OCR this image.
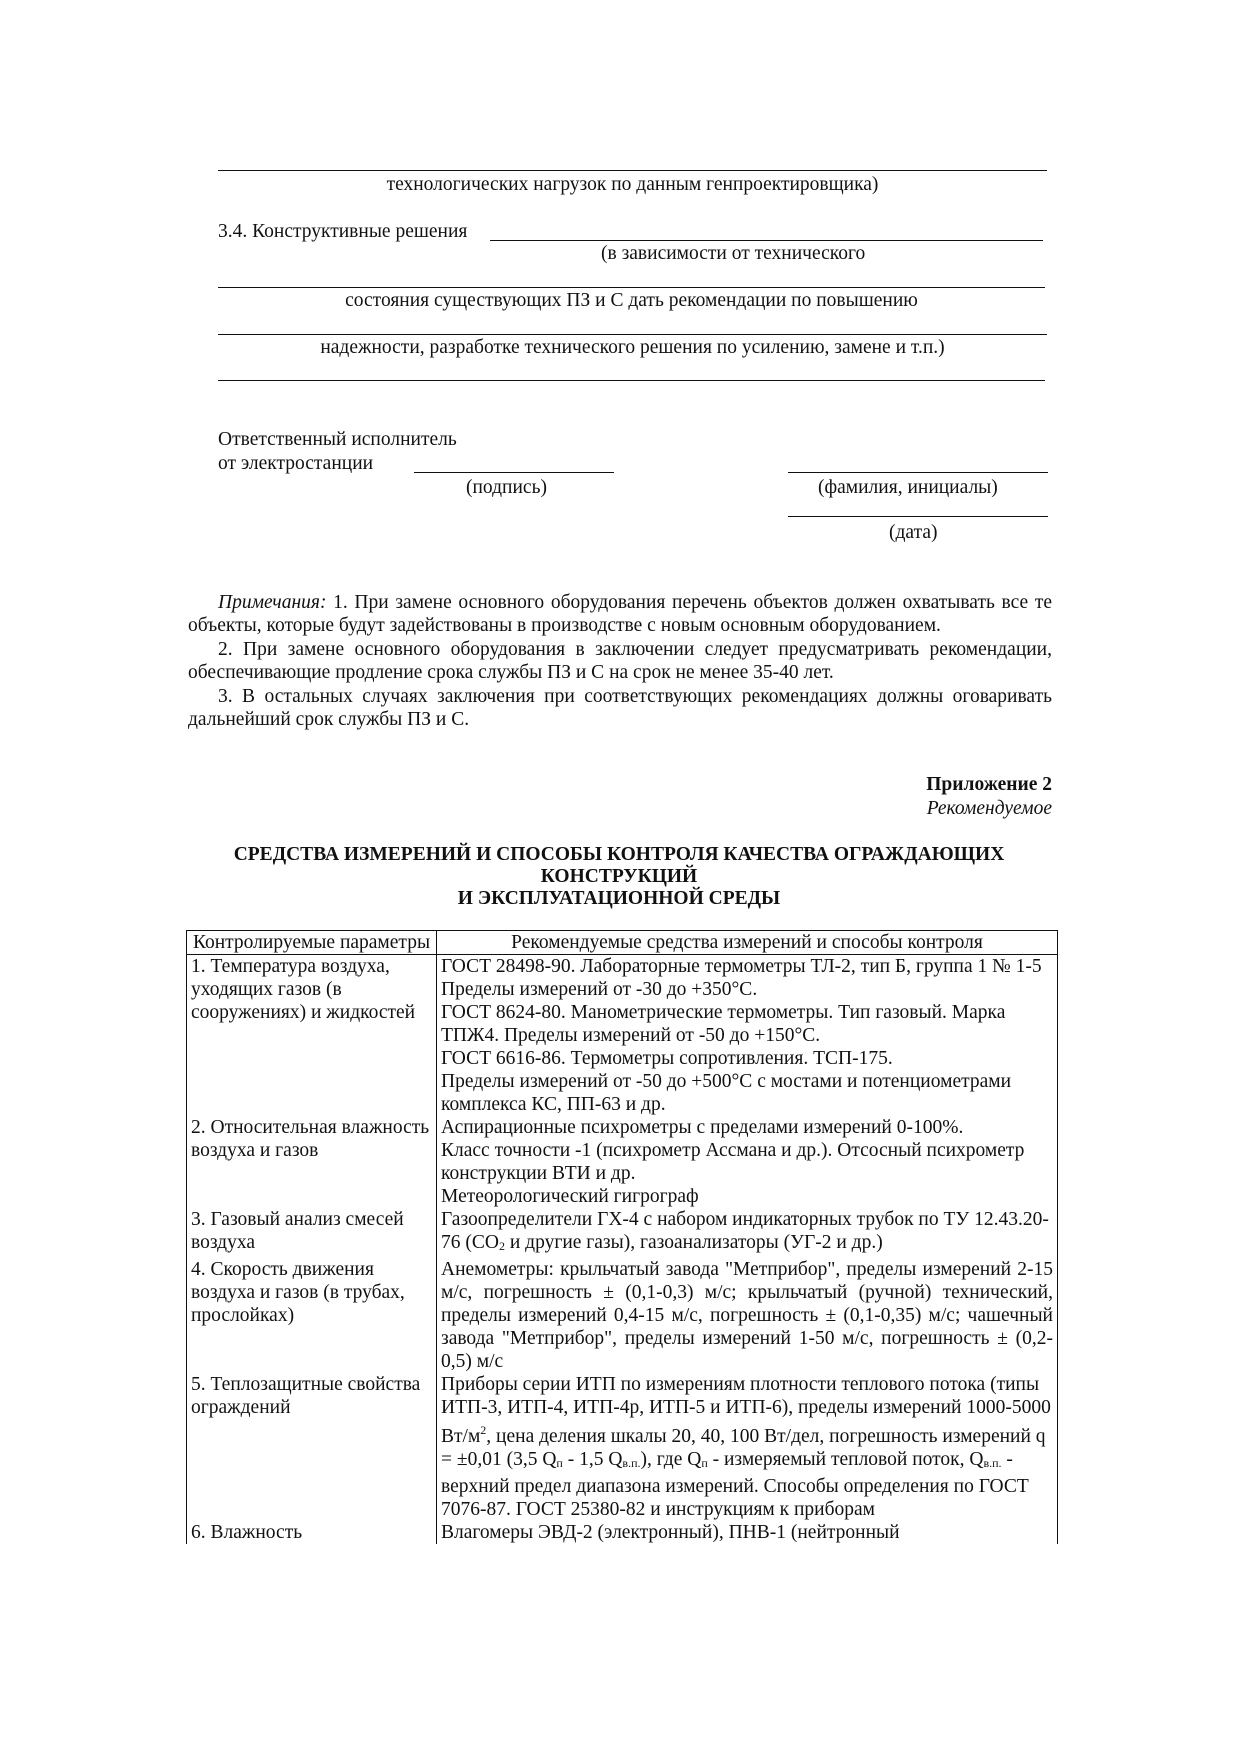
технологических нагрузок по данным генпроектировщика)
3.4. Конструктивные решения
(в зависимости от технического
состояния существующих ПЗ и С дать рекомендации по повышению
надежности, разработке технического решения по усилению, замене и т.п.)
Ответственный исполнитель
от электростанции
(подпись)	(фамилия, инициалы)
(дата)
Примечания: 1. При замене основного оборудования перечень объектов должен охватывать все те объекты, которые будут задействованы в производстве с новым основным оборудованием.
2. При замене основного оборудования в заключении следует предусматривать рекомендации, обеспечивающие продление срока службы ПЗ и С на срок не менее 35-40 лет.
3. В остальных случаях заключения при соответствующих рекомендациях должны оговаривать дальнейший срок службы ПЗ и С.
Приложение 2
Рекомендуемое
СРЕДСТВА ИЗМЕРЕНИЙ И СПОСОБЫ КОНТРОЛЯ КАЧЕСТВА ОГРАЖДАЮЩИХ
КОНСТРУКЦИЙ
И ЭКСПЛУАТАЦИОННОЙ СРЕДЫ
Контролируемые параметры	Рекомендуемые средства измерений и способы контроля
1. Температура воздуха, уходящих газов (в сооружениях) и жидкостей	ГОСТ 28498-90. Лабораторные термометры ТЛ-2, тип Б, группа 1 № 1-5 Пределы измерений от -30 до +350°С.
ГОСТ 8624-80. Манометрические термометры. Тип газовый. Марка ТПЖ4. Пределы измерений от -50 до +150°С.
ГОСТ 6616-86. Термометры сопротивления. ТСП-175.
Пределы измерений от -50 до +500°С с мостами и потенциометрами комплекса КС, ПП-63 и др.

2. Относительная влажность воздуха и газов	Аспирационные психрометры с пределами измерений 0-100%.
Класс точности -1 (психрометр Ассмана и др.). Отсосный психрометр конструкции ВТИ и др.
Метеорологический гигрограф

3. Газовый анализ смесей воздуха	Газоопределители ГХ-4 с набором индикаторных трубок по ТУ 12.43.20-76 (СО2 и другие газы), газоанализаторы (УГ-2 и др.)
4. Скорость движения воздуха и газов (в трубах, прослойках)	Анемометры: крыльчатый завода "Метприбор", пределы измерений 2-15 м/с, погрешность ± (0,1-0,3) м/с; крыльчатый (ручной) технический, пределы измерений 0,4-15 м/с, погрешность ± (0,1-0,35) м/с; чашечный завода "Метприбор", пределы измерений 1-50 м/с, погрешность ± (0,2-0,5) м/с
5. Теплозащитные свойства ограждений	Приборы серии ИТП по измерениям плотности теплового потока (типы ИТП-3, ИТП-4, ИТП-4р, ИТП-5 и ИТП-6), пределы измерений 1000-5000 $Вт/м^2$, цена деления шкалы 20, 40, 100 Вт/дел, погрешность измерений q = ±0,01 (3,5 Qп - 1,5 Qв.п.), где Qп - измеряемый тепловой поток, Qв.п. - верхний предел диапазона измерений. Способы определения по ГОСТ 7076-87. ГОСТ 25380-82 и инструкциям к приборам
6. Влажность	Влагомеры ЭВД-2 (электронный), ПНВ-1 (нейтронный
